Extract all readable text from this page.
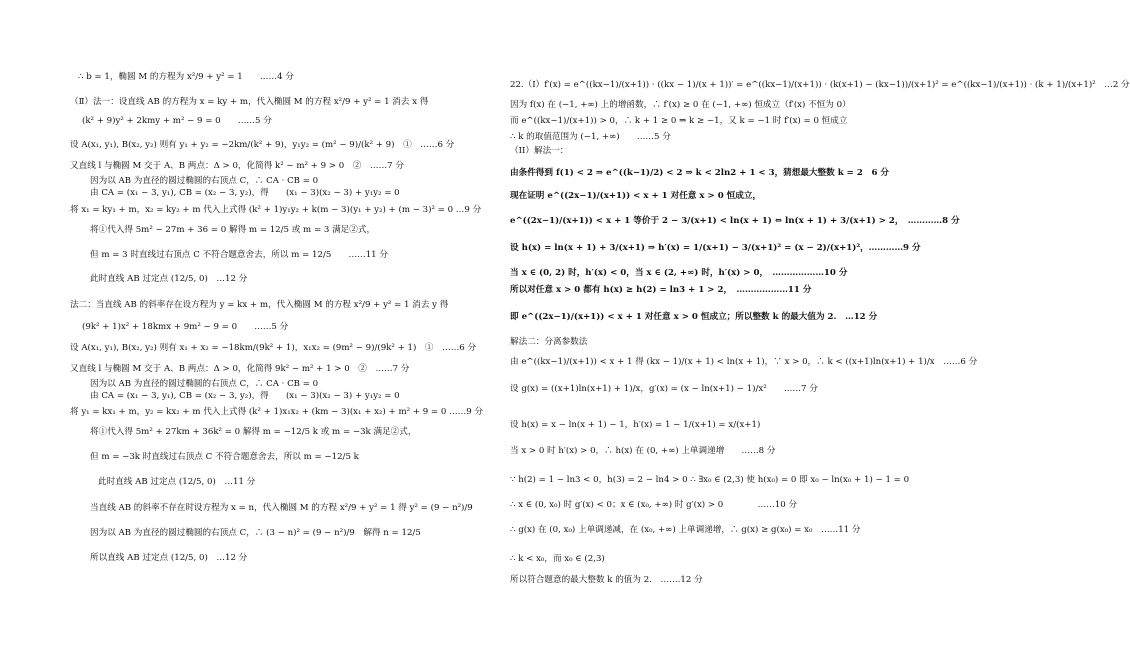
∴ b = 1，椭圆 M 的方程为 x²/9 + y² = 1　　……4 分
（Ⅱ）法一：设直线 AB 的方程为 x = ky + m，代入椭圆 M 的方程 x²/9 + y² = 1 消去 x 得
(k² + 9)y² + 2kmy + m² − 9 = 0　　……5 分
设 A(x₁, y₁), B(x₂, y₂) 则有 y₁ + y₂ = −2km/(k² + 9)，y₁y₂ = (m² − 9)/(k² + 9)　①　……6 分
又直线 l 与椭圆 M 交于 A、B 两点：Δ > 0，化简得 k² − m² + 9 > 0　②　……7 分
因为以 AB 为直径的圆过椭圆的右顶点 C，∴ CA · CB = 0
由 CA = (x₁ − 3, y₁), CB = (x₂ − 3, y₂)，得　　(x₁ − 3)(x₂ − 3) + y₁y₂ = 0
将 x₁ = ky₁ + m，x₂ = ky₂ + m 代入上式得 (k² + 1)y₁y₂ + k(m − 3)(y₁ + y₂) + (m − 3)² = 0 …9 分
将①代入得 5m² − 27m + 36 = 0 解得 m = 12/5 或 m = 3 满足②式，
但 m = 3 时直线过右顶点 C 不符合题意舍去，所以 m = 12/5　　……11 分
此时直线 AB 过定点 (12/5, 0)　…12 分
法二：当直线 AB 的斜率存在设方程为 y = kx + m，代入椭圆 M 的方程 x²/9 + y² = 1 消去 y 得
(9k² + 1)x² + 18kmx + 9m² − 9 = 0　　……5 分
设 A(x₁, y₁), B(x₂, y₂) 则有 x₁ + x₂ = −18km/(9k² + 1)，x₁x₂ = (9m² − 9)/(9k² + 1)　①　……6 分
又直线 l 与椭圆 M 交于 A、B 两点：Δ > 0，化简得 9k² − m² + 1 > 0　②　……7 分
因为以 AB 为直径的圆过椭圆的右顶点 C，∴ CA · CB = 0
由 CA = (x₁ − 3, y₁), CB = (x₂ − 3, y₂)，得　　(x₁ − 3)(x₂ − 3) + y₁y₂ = 0
将 y₁ = kx₁ + m，y₂ = kx₂ + m 代入上式得 (k² + 1)x₁x₂ + (km − 3)(x₁ + x₂) + m² + 9 = 0 ……9 分
将①代入得 5m² + 27km + 36k² = 0 解得 m = −12/5 k 或 m = −3k 满足②式，
但 m = −3k 时直线过右顶点 C 不符合题意舍去，所以 m = −12/5 k
此时直线 AB 过定点 (12/5, 0)　…11 分
当直线 AB 的斜率不存在时设方程为 x = n，代入椭圆 M 的方程 x²/9 + y² = 1 得 y² = (9 − n²)/9
因为以 AB 为直径的圆过椭圆的右顶点 C，∴ (3 − n)² = (9 − n²)/9　解得 n = 12/5
所以直线 AB 过定点 (12/5, 0)　…12 分
22.（I）f′(x) = e^((kx−1)/(x+1)) · ((kx − 1)/(x + 1))′ = e^((kx−1)/(x+1)) · (k(x+1) − (kx−1))/(x+1)² = e^((kx−1)/(x+1)) · (k + 1)/(x+1)²　…2 分
因为 f(x) 在 (−1, +∞) 上的增函数，∴ f′(x) ≥ 0 在 (−1, +∞) 恒成立（f′(x) 不恒为 0）
而 e^((kx−1)/(x+1)) > 0，∴ k + 1 ≥ 0 ⇒ k ≥ −1，又 k = −1 时 f′(x) = 0 恒成立
∴ k 的取值范围为 (−1, +∞)　　……5 分
（II）解法一：
由条件得到 f(1) < 2 ⇒ e^((k−1)/2) < 2 ⇒ k < 2ln2 + 1 < 3，猜想最大整数 k = 2　6 分
现在证明 e^((2x−1)/(x+1)) < x + 1 对任意 x > 0 恒成立，
e^((2x−1)/(x+1)) < x + 1 等价于 2 − 3/(x+1) < ln(x + 1) ⇔ ln(x + 1) + 3/(x+1) > 2，　…………8 分
设 h(x) = ln(x + 1) + 3/(x+1) ⇒ h′(x) = 1/(x+1) − 3/(x+1)² = (x − 2)/(x+1)²，…………9 分
当 x ∈ (0, 2) 时，h′(x) < 0，当 x ∈ (2, +∞) 时，h′(x) > 0，　………………10 分
所以对任意 x > 0 都有 h(x) ≥ h(2) = ln3 + 1 > 2，　………………11 分
即 e^((2x−1)/(x+1)) < x + 1 对任意 x > 0 恒成立；所以整数 k 的最大值为 2.　…12 分
解法二：分离参数法
由 e^((kx−1)/(x+1)) < x + 1 得 (kx − 1)/(x + 1) < ln(x + 1)，∵ x > 0，∴ k < ((x+1)ln(x+1) + 1)/x　……6 分
设 g(x) = ((x+1)ln(x+1) + 1)/x，g′(x) = (x − ln(x+1) − 1)/x²　　……7 分
设 h(x) = x − ln(x + 1) − 1，h′(x) = 1 − 1/(x+1) = x/(x+1)
当 x > 0 时 h′(x) > 0，∴ h(x) 在 (0, +∞) 上单调递增　　……8 分
∵ h(2) = 1 − ln3 < 0，h(3) = 2 − ln4 > 0 ∴ ∃x₀ ∈ (2,3) 使 h(x₀) = 0 即 x₀ − ln(x₀ + 1) − 1 = 0
∴ x ∈ (0, x₀) 时 g′(x) < 0；x ∈ (x₀, +∞) 时 g′(x) > 0　　　　……10 分
∴ g(x) 在 (0, x₀) 上单调递减，在 (x₀, +∞) 上单调递增，∴ g(x) ≥ g(x₀) = x₀　……11 分
∴ k < x₀，而 x₀ ∈ (2,3)
所以符合题意的最大整数 k 的值为 2.　…….12 分
